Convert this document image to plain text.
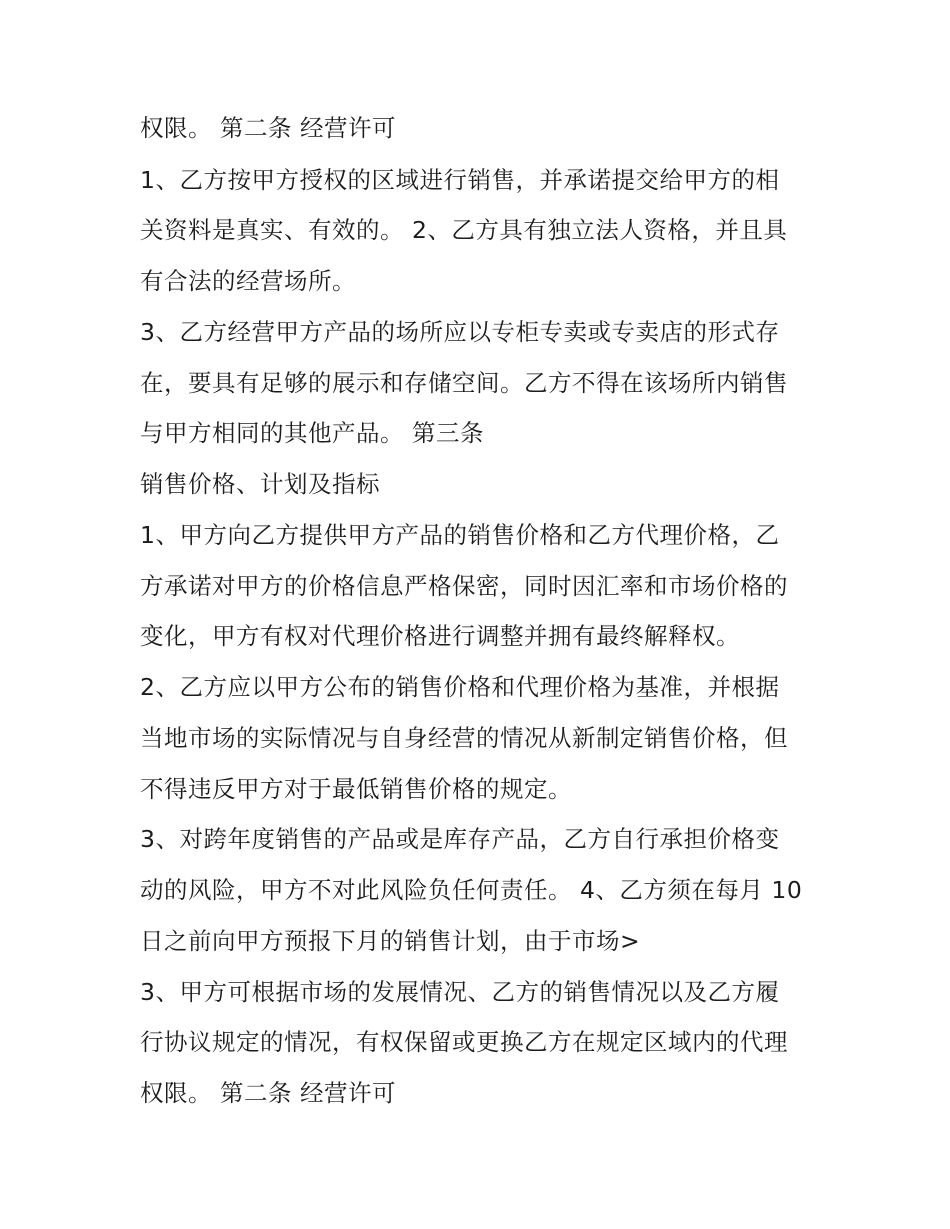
权限。 第二条 经营许可
1、乙方按甲方授权的区域进行销售，并承诺提交给甲方的相
关资料是真实、有效的。 2、乙方具有独立法人资格，并且具
有合法的经营场所。
3、乙方经营甲方产品的场所应以专柜专卖或专卖店的形式存
在，要具有足够的展示和存储空间。乙方不得在该场所内销售
与甲方相同的其他产品。 第三条
销售价格、计划及指标
1、甲方向乙方提供甲方产品的销售价格和乙方代理价格，乙
方承诺对甲方的价格信息严格保密，同时因汇率和市场价格的
变化，甲方有权对代理价格进行调整并拥有最终解释权。
2、乙方应以甲方公布的销售价格和代理价格为基准，并根据
当地市场的实际情况与自身经营的情况从新制定销售价格，但
不得违反甲方对于最低销售价格的规定。
3、对跨年度销售的产品或是库存产品，乙方自行承担价格变
动的风险，甲方不对此风险负任何责任。 4、乙方须在每月 10
日之前向甲方预报下月的销售计划，由于市场>
3、甲方可根据市场的发展情况、乙方的销售情况以及乙方履
行协议规定的情况，有权保留或更换乙方在规定区域内的代理
权限。 第二条 经营许可
